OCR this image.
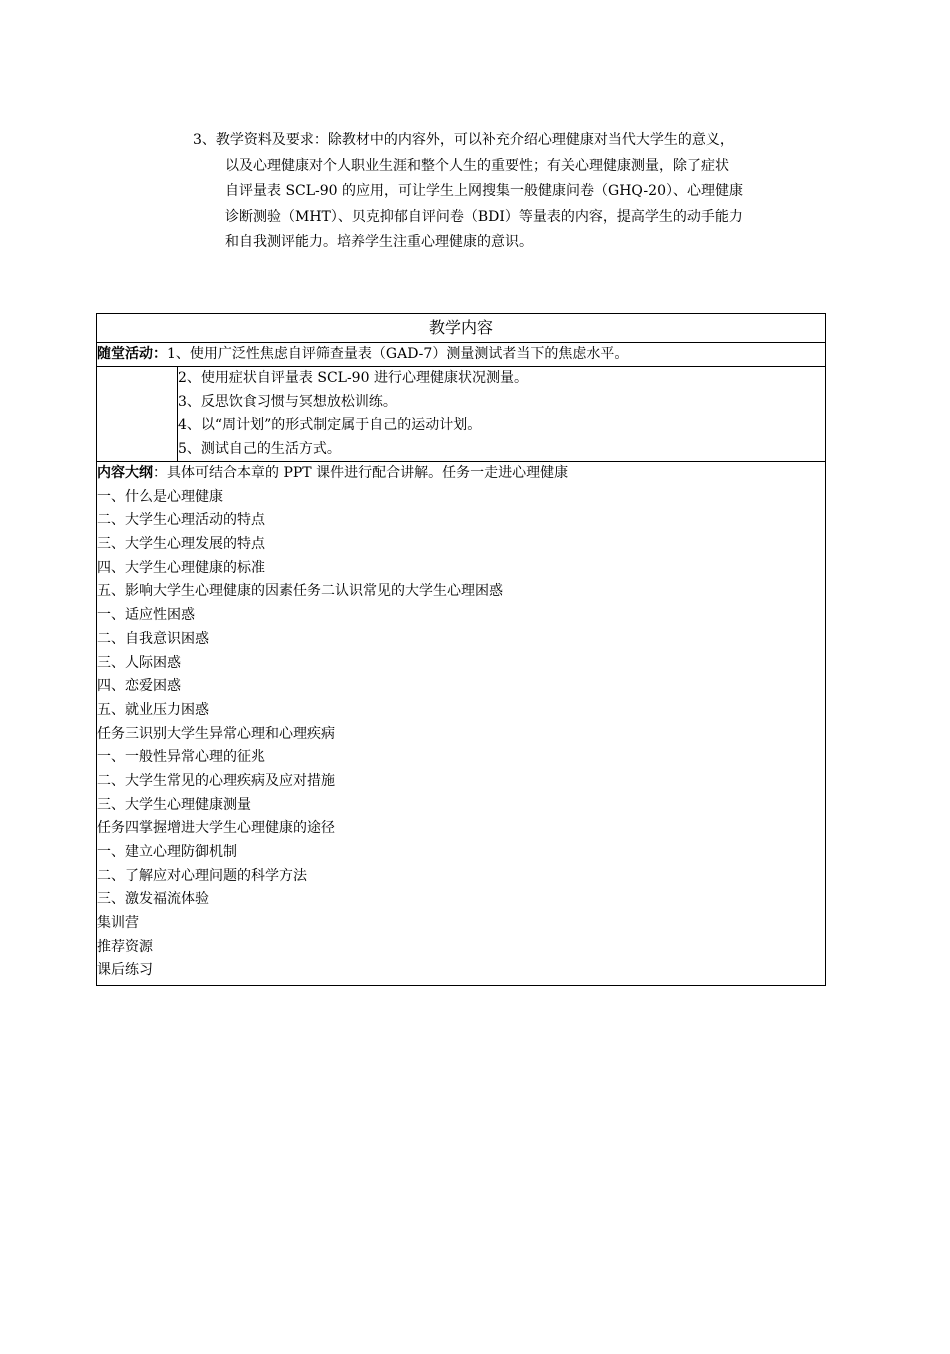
3、教学资料及要求：除教材中的内容外，可以补充介绍心理健康对当代大学生的意义，
以及心理健康对个人职业生涯和整个人生的重要性；有关心理健康测量，除了症状
自评量表 SCL-90 的应用，可让学生上网搜集一般健康问卷（GHQ-20）、心理健康
诊断测验（MHT）、贝克抑郁自评问卷（BDI）等量表的内容，提高学生的动手能力
和自我测评能力。培养学生注重心理健康的意识。
教学内容
随堂活动：1、使用广泛性焦虑自评筛查量表（GAD-7）测量测试者当下的焦虑水平。
2、使用症状自评量表 SCL-90 进行心理健康状况测量。
3、反思饮食习惯与冥想放松训练。
4、以“周计划”的形式制定属于自己的运动计划。
5、测试自己的生活方式。
内容大纲：具体可结合本章的 PPT 课件进行配合讲解。任务一走进心理健康
一、什么是心理健康
二、大学生心理活动的特点
三、大学生心理发展的特点
四、大学生心理健康的标准
五、影响大学生心理健康的因素任务二认识常见的大学生心理困惑
一、适应性困惑
二、自我意识困惑
三、人际困惑
四、恋爱困惑
五、就业压力困惑
任务三识别大学生异常心理和心理疾病
一、一般性异常心理的征兆
二、大学生常见的心理疾病及应对措施
三、大学生心理健康测量
任务四掌握增进大学生心理健康的途径
一、建立心理防御机制
二、了解应对心理问题的科学方法
三、激发福流体验
集训营
推荐资源
课后练习
